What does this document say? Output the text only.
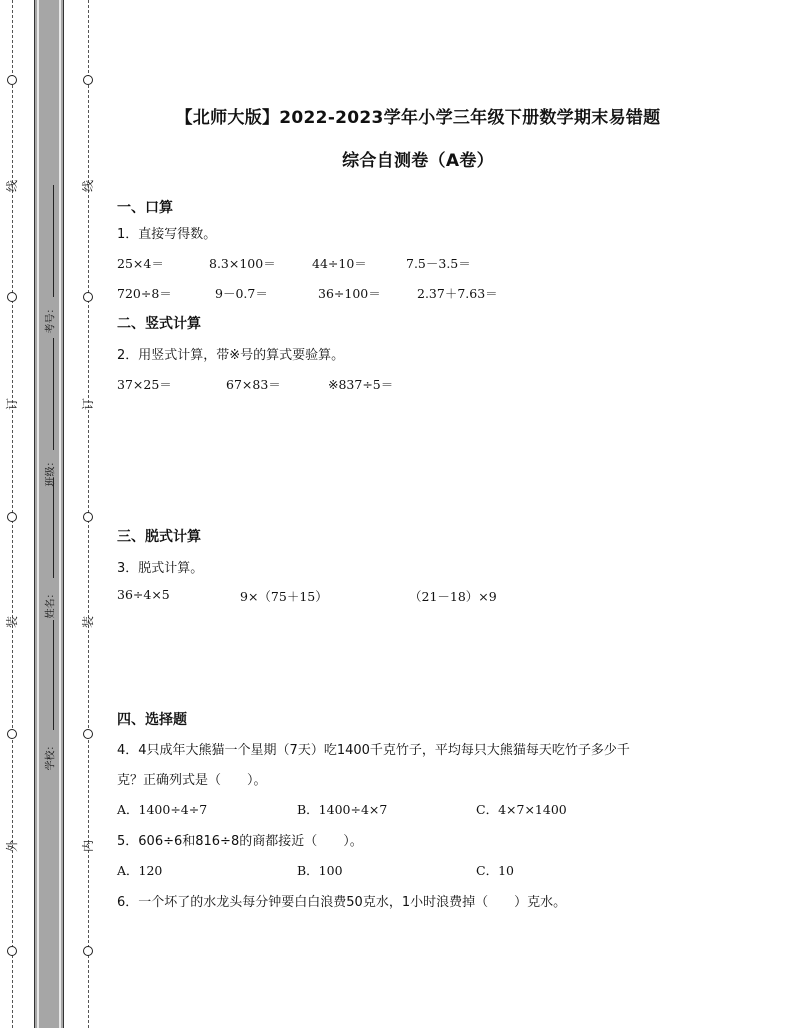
线
订
装
外
线
订
装
内
考号：
班级：
姓名：
学校：
【北师大版】2022-2023学年小学三年级下册数学期末易错题
综合自测卷（A卷）
一、口算
1．直接写得数。
25×4＝	8.3×100＝	44÷10＝	7.5－3.5＝
720÷8＝	9－0.7＝	36÷100＝	2.37＋7.63＝
二、竖式计算
2．用竖式计算，带※号的算式要验算。
37×25＝	67×83＝	※837÷5＝
三、脱式计算
3．脱式计算。
36÷4×5	9×（75＋15）	（21－18）×9
四、选择题
4．4只成年大熊猫一个星期（7天）吃1400千克竹子，平均每只大熊猫每天吃竹子多少千
克？正确列式是（　　）。
A．1400÷4÷7	B．1400÷4×7	C．4×7×1400
5．606÷6和816÷8的商都接近（　　）。
A．120	B．100	C．10
6．一个坏了的水龙头每分钟要白白浪费50克水，1小时浪费掉（　　）克水。
